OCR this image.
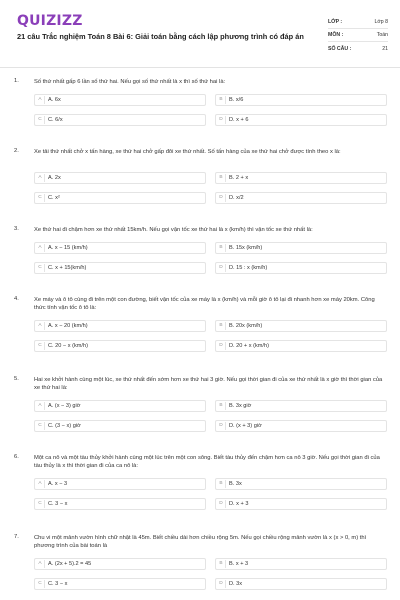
QUIZIZZ
21 câu Trắc nghiệm Toán 8 Bài 6: Giải toán bằng cách lập phương trình có đáp án
LỚP :	Lớp 8
MÔN :	Toán
SỐ CÂU :	21
1.	Số thứ nhất gấp 6 lần số thứ hai. Nếu gọi số thứ nhất là x thì số thứ hai là:
A	A. 6x	B	B. x/6
C	C. 6/x	D	D. x + 6
2.	Xe tải thứ nhất chở x tấn hàng, xe thứ hai chở gấp đôi xe thứ nhất. Số tấn hàng của xe thứ hai chở được tính theo x là:
A	A. 2x	B	B. 2 + x
C	C. x²	D	D. x/2
3.	Xe thứ hai đi chậm hơn xe thứ nhất 15km/h. Nếu gọi vận tốc xe thứ hai là x (km/h) thì vận tốc xe thứ nhất là:
A	A. x − 15 (km/h)	B	B. 15x (km/h)
C	C. x + 15(km/h)	D	D. 15 : x (km/h)
4.	Xe máy và ô tô cùng đi trên một con đường, biết vận tốc của xe máy là x (km/h) và mỗi giờ ô tô lại đi nhanh hơn xe máy 20km. Công thức tính vận tốc ô tô là:
A	A. x − 20 (km/h)	B	B. 20x (km/h)
C	C. 20 − x (km/h)	D	D. 20 + x (km/h)
5.	Hai xe khởi hành cùng một lúc, xe thứ nhất đến sớm hơn xe thứ hai 3 giờ. Nếu gọi thời gian đi của xe thứ nhất là x giờ thì thời gian của xe thứ hai là:
A	A. (x − 3) giờ	B	B. 3x giờ
C	C. (3 − x) giờ	D	D. (x + 3) giờ
6.	Một ca nô và một tàu thủy khởi hành cùng một lúc trên một con sông. Biết tàu thủy đến chậm hơn ca nô 3 giờ. Nếu gọi thời gian đi của tàu thủy là x thì thời gian đi của ca nô là:
A	A. x − 3	B	B. 3x
C	C. 3 − x	D	D. x + 3
7.	Chu vi một mảnh vườn hình chữ nhật là 45m. Biết chiều dài hơn chiều rộng 5m. Nếu gọi chiều rộng mảnh vườn là x (x > 0, m) thì phương trình của bài toán là
A	A. (2x + 5).2 = 45	B	B. x + 3
C	C. 3 − x	D	D. 3x
